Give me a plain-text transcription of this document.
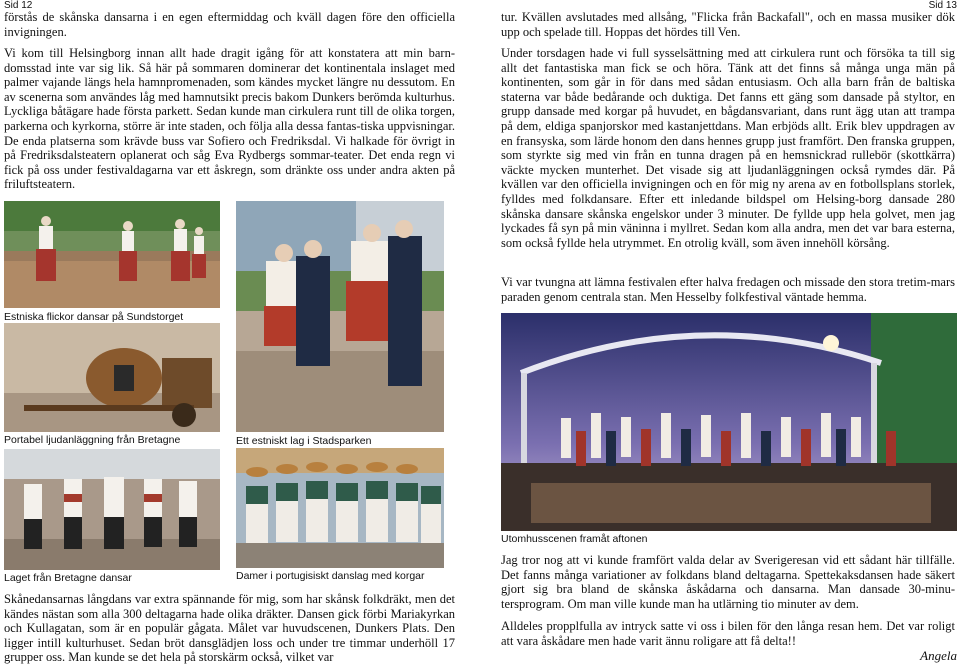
Sid 12

förstås de skånska dansarna i en egen eftermiddag och kväll dagen före den officiella invigningen.

Vi kom till Helsingborg innan allt hade dragit igång för att konstatera att min barn-domsstad inte var sig lik. Så här på sommaren dominerar det kontinentala inslaget med palmer vajande längs hela hamnpromenaden, som kändes mycket längre nu dessutom. En av scenerna som användes låg med hamnutsikt precis bakom Dunkers berömda kulturhus. Lyckliga båtägare hade första parkett. Sedan kunde man cirkulera runt till de olika torgen, parkerna och kyrkorna, större är inte staden, och följa alla dessa fantas-tiska uppvisningar. De enda platserna som krävde buss var Sofiero och Fredriksdal. Vi halkade för övrigt in på Fredriksdalsteatern oplanerat och såg Eva Rydbergs sommar-teater. Det enda regn vi fick på oss under festivaldagarna var ett åskregn, som dränkte oss under andra akten på friluftsteatern.

Estniska flickor dansar på Sundstorget
Portabel ljudanläggning från Bretagne	Ett estniskt lag i Stadsparken
Laget från Bretagne dansar	Damer i portugisiskt danslag med korgar

Skånedansarnas långdans var extra spännande för mig, som har skånsk folkdräkt, men det kändes nästan som alla 300 deltagarna hade olika dräkter. Dansen gick förbi Mariakyrkan och Kullagatan, som är en populär gågata. Målet var huvudscenen, Dunkers Plats. Den ligger intill kulturhuset. Sedan bröt dansglädjen loss och under tre timmar underhöll 17 grupper oss. Man kunde se det hela på storskärm också, vilket var

Sid 13

tur. Kvällen avslutades med allsång, "Flicka från Backafall", och en massa musiker dök upp och spelade till. Hoppas det hördes till Ven.

Under torsdagen hade vi full sysselsättning med att cirkulera runt och försöka ta till sig allt det fantastiska man fick se och höra. Tänk att det finns så många unga män på kontinenten, som går in för dans med sådan entusiasm. Och alla barn från de baltiska staterna var både bedårande och duktiga. Det fanns ett gäng som dansade på styltor, en grupp dansade med korgar på huvudet, en bågdansvariant, dans runt ägg utan att trampa på dem, eldiga spanjorskor med kastanjettdans. Man erbjöds allt. Erik blev uppdragen av en fransyska, som lärde honom den dans hennes grupp just framfört. Den franska gruppen, som styrkte sig med vin från en tunna dragen på en hemsnickrad rullebör (skottkärra) väckte mycken munterhet. Det visade sig att ljudanläggningen också rymdes där. På kvällen var den officiella invigningen och en för mig ny arena av en fotbollsplans storlek, fylldes med folkdansare. Efter ett inledande bildspel om Helsing-borg dansade 280 skånska dansare skånska engelskor under 3 minuter. De fyllde upp hela golvet, men jag lyckades få syn på min väninna i myllret. Sedan kom alla andra, men det var bara esterna, som också fyllde hela utrymmet. En otrolig kväll, som även innehöll körsång.

Vi var tvungna att lämna festivalen efter halva fredagen och missade den stora tretim-mars paraden genom centrala stan. Men Hesselby folkfestival väntade hemma.

Utomhusscenen framåt aftonen

Jag tror nog att vi kunde framfört valda delar av Sverigeresan vid ett sådant här tillfälle. Det fanns många variationer av folkdans bland deltagarna. Spettekaksdansen hade säkert gjort sig bra bland de skånska åskådarna och dansarna. Man dansade 30-minu-tersprogram. Om man ville kunde man ha utlärning tio minuter av dem.

Alldeles propplfulla av intryck satte vi oss i bilen för den långa resan hem. Det var roligt att vara åskådare men hade varit ännu roligare att få delta!!

Angela
